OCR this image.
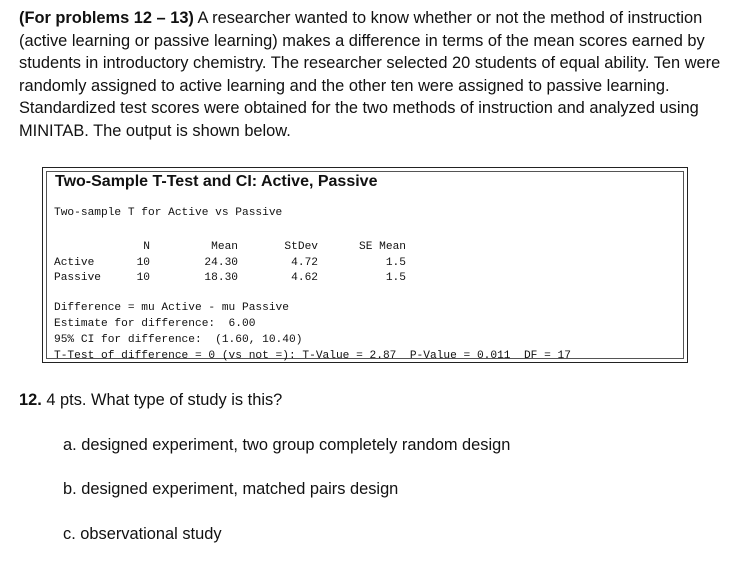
(For problems 12 – 13) A researcher wanted to know whether or not the method of instruction (active learning or passive learning) makes a difference in terms of the mean scores earned by students in introductory chemistry. The researcher selected 20 students of equal ability. Ten were randomly assigned to active learning and the other ten were assigned to passive learning. Standardized test scores were obtained for the two methods of instruction and analyzed using MINITAB. The output is shown below.

Two-Sample T-Test and CI: Active, Passive

Two-sample T for Active vs Passive

	N	Mean	StDev	SE Mean
Active	10	24.30	4.72	1.5
Passive	10	18.30	4.62	1.5

Difference = mu Active - mu Passive

Estimate for difference:  6.00

95% CI for difference:  (1.60, 10.40)

T-Test of difference = 0 (vs not =): T-Value = 2.87  P-Value = 0.011  DF = 17

12. 4 pts. What type of study is this?

a. designed experiment, two group completely random design

b. designed experiment, matched pairs design

c. observational study
